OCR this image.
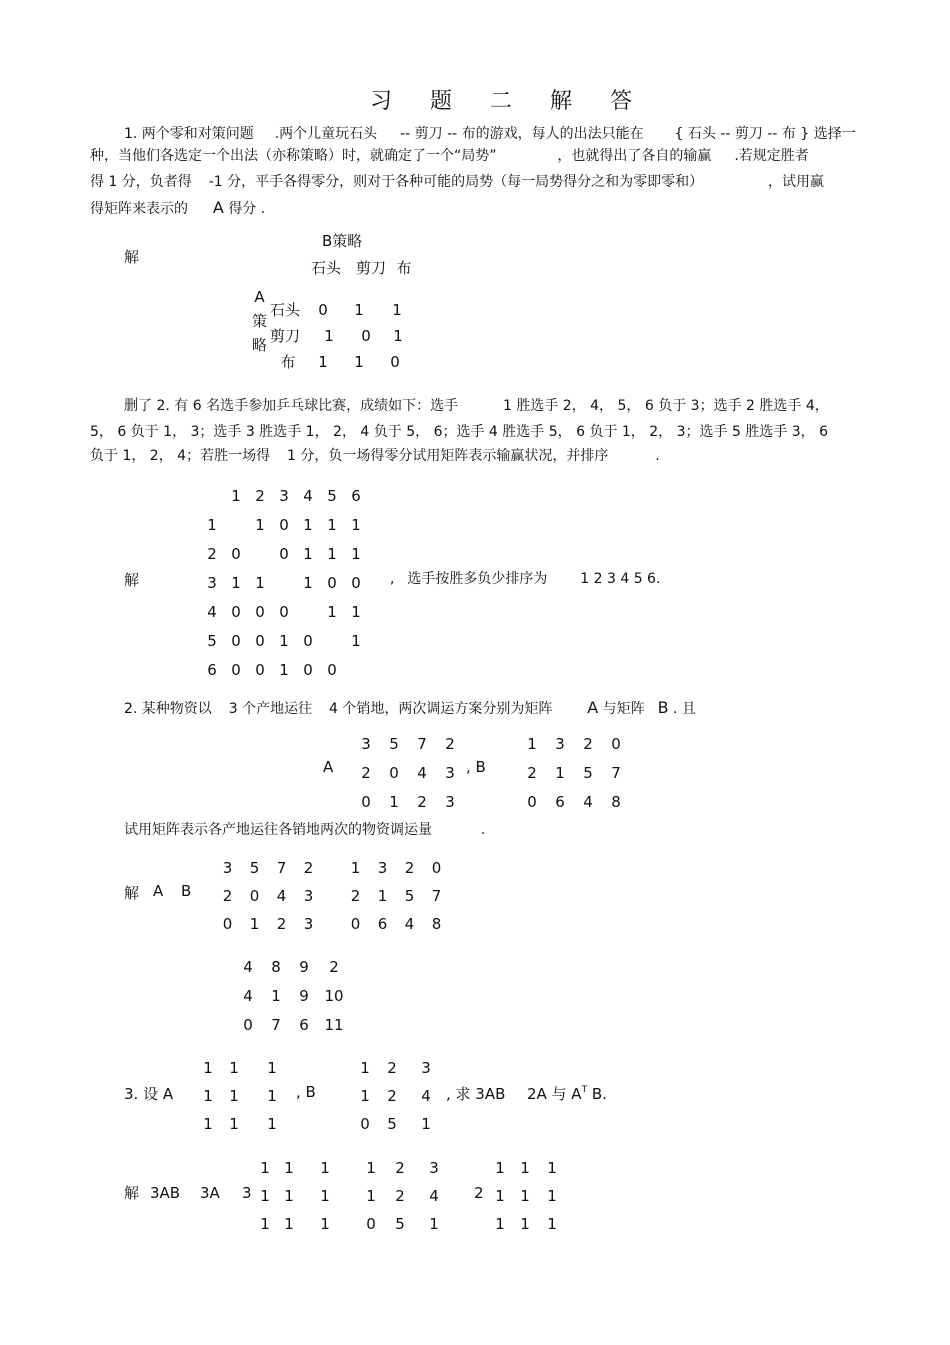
习 题 二 解 答
1. 两个零和对策问题 .两个儿童玩石头 -- 剪刀 -- 布的游戏，每人的出法只能在 { 石头 -- 剪刀 -- 布 } 选择一
种，当他们各选定一个出法（亦称策略）时，就确定了一个“局势”	，也就得出了各自的输赢 .若规定胜者
得 1 分，负者得 -1 分，平手各得零分，则对于各种可能的局势（每一局势得分之和为零即零和）	，试用赢
得矩阵来表示的 A 得分 .
解
B策略
石头 剪刀 布
A
策
略
石头	0	1	1
剪刀	1	0	1
布	1	1	0
删了 2. 有 6 名选手参加乒乓球比赛，成绩如下：选手	1 胜选手 2， 4， 5， 6 负于 3；选手 2 胜选手 4，
5， 6 负于 1， 3；选手 3 胜选手 1， 2， 4 负于 5， 6；选手 4 胜选手 5， 6 负于 1， 2， 3；选手 5 胜选手 3， 6
负于 1， 2， 4；若胜一场得 1 分，负一场得零分试用矩阵表示输赢状况，并排序	.
解
1 2 3 4 5 6
1	1 0 1 1 1
2 0	0 1 1 1
3 1 1	1 0 0
4 0 0 0	1 1
5 0 0 1 0	1
6 0 0 1 0 0
, 选手按胜多负少排序为 1 2 3 4 5 6.
2. 某种物资以 3 个产地运往 4 个销地，两次调运方案分别为矩阵 A 与矩阵 B . 且
A
3	5	7	2
2	0	4	3
0	1	2	3
, B
1	3	2	0
2	1	5	7
0	6	4	8
试用矩阵表示各产地运往各销地两次的物资调运量	.
解 A B
3	5	7	2
2	0	4	3
0	1	2	3
1	3	2	0
2	1	5	7
0	6	4	8
4	8	9	2
4	1	9	10
0	7	6	11
3. 设 A
1	1	1
1	1	1
1	1	1
, B
1	2	3
1	2	4
0	5	1
, 求 3AB 2A 与 $A^T$ B.
解 3AB 3A 3
1 1	1
1 1	1
1 1	1
1	2	3
1	2	4
0	5	1
2
1	1	1
1	1	1
1	1	1
